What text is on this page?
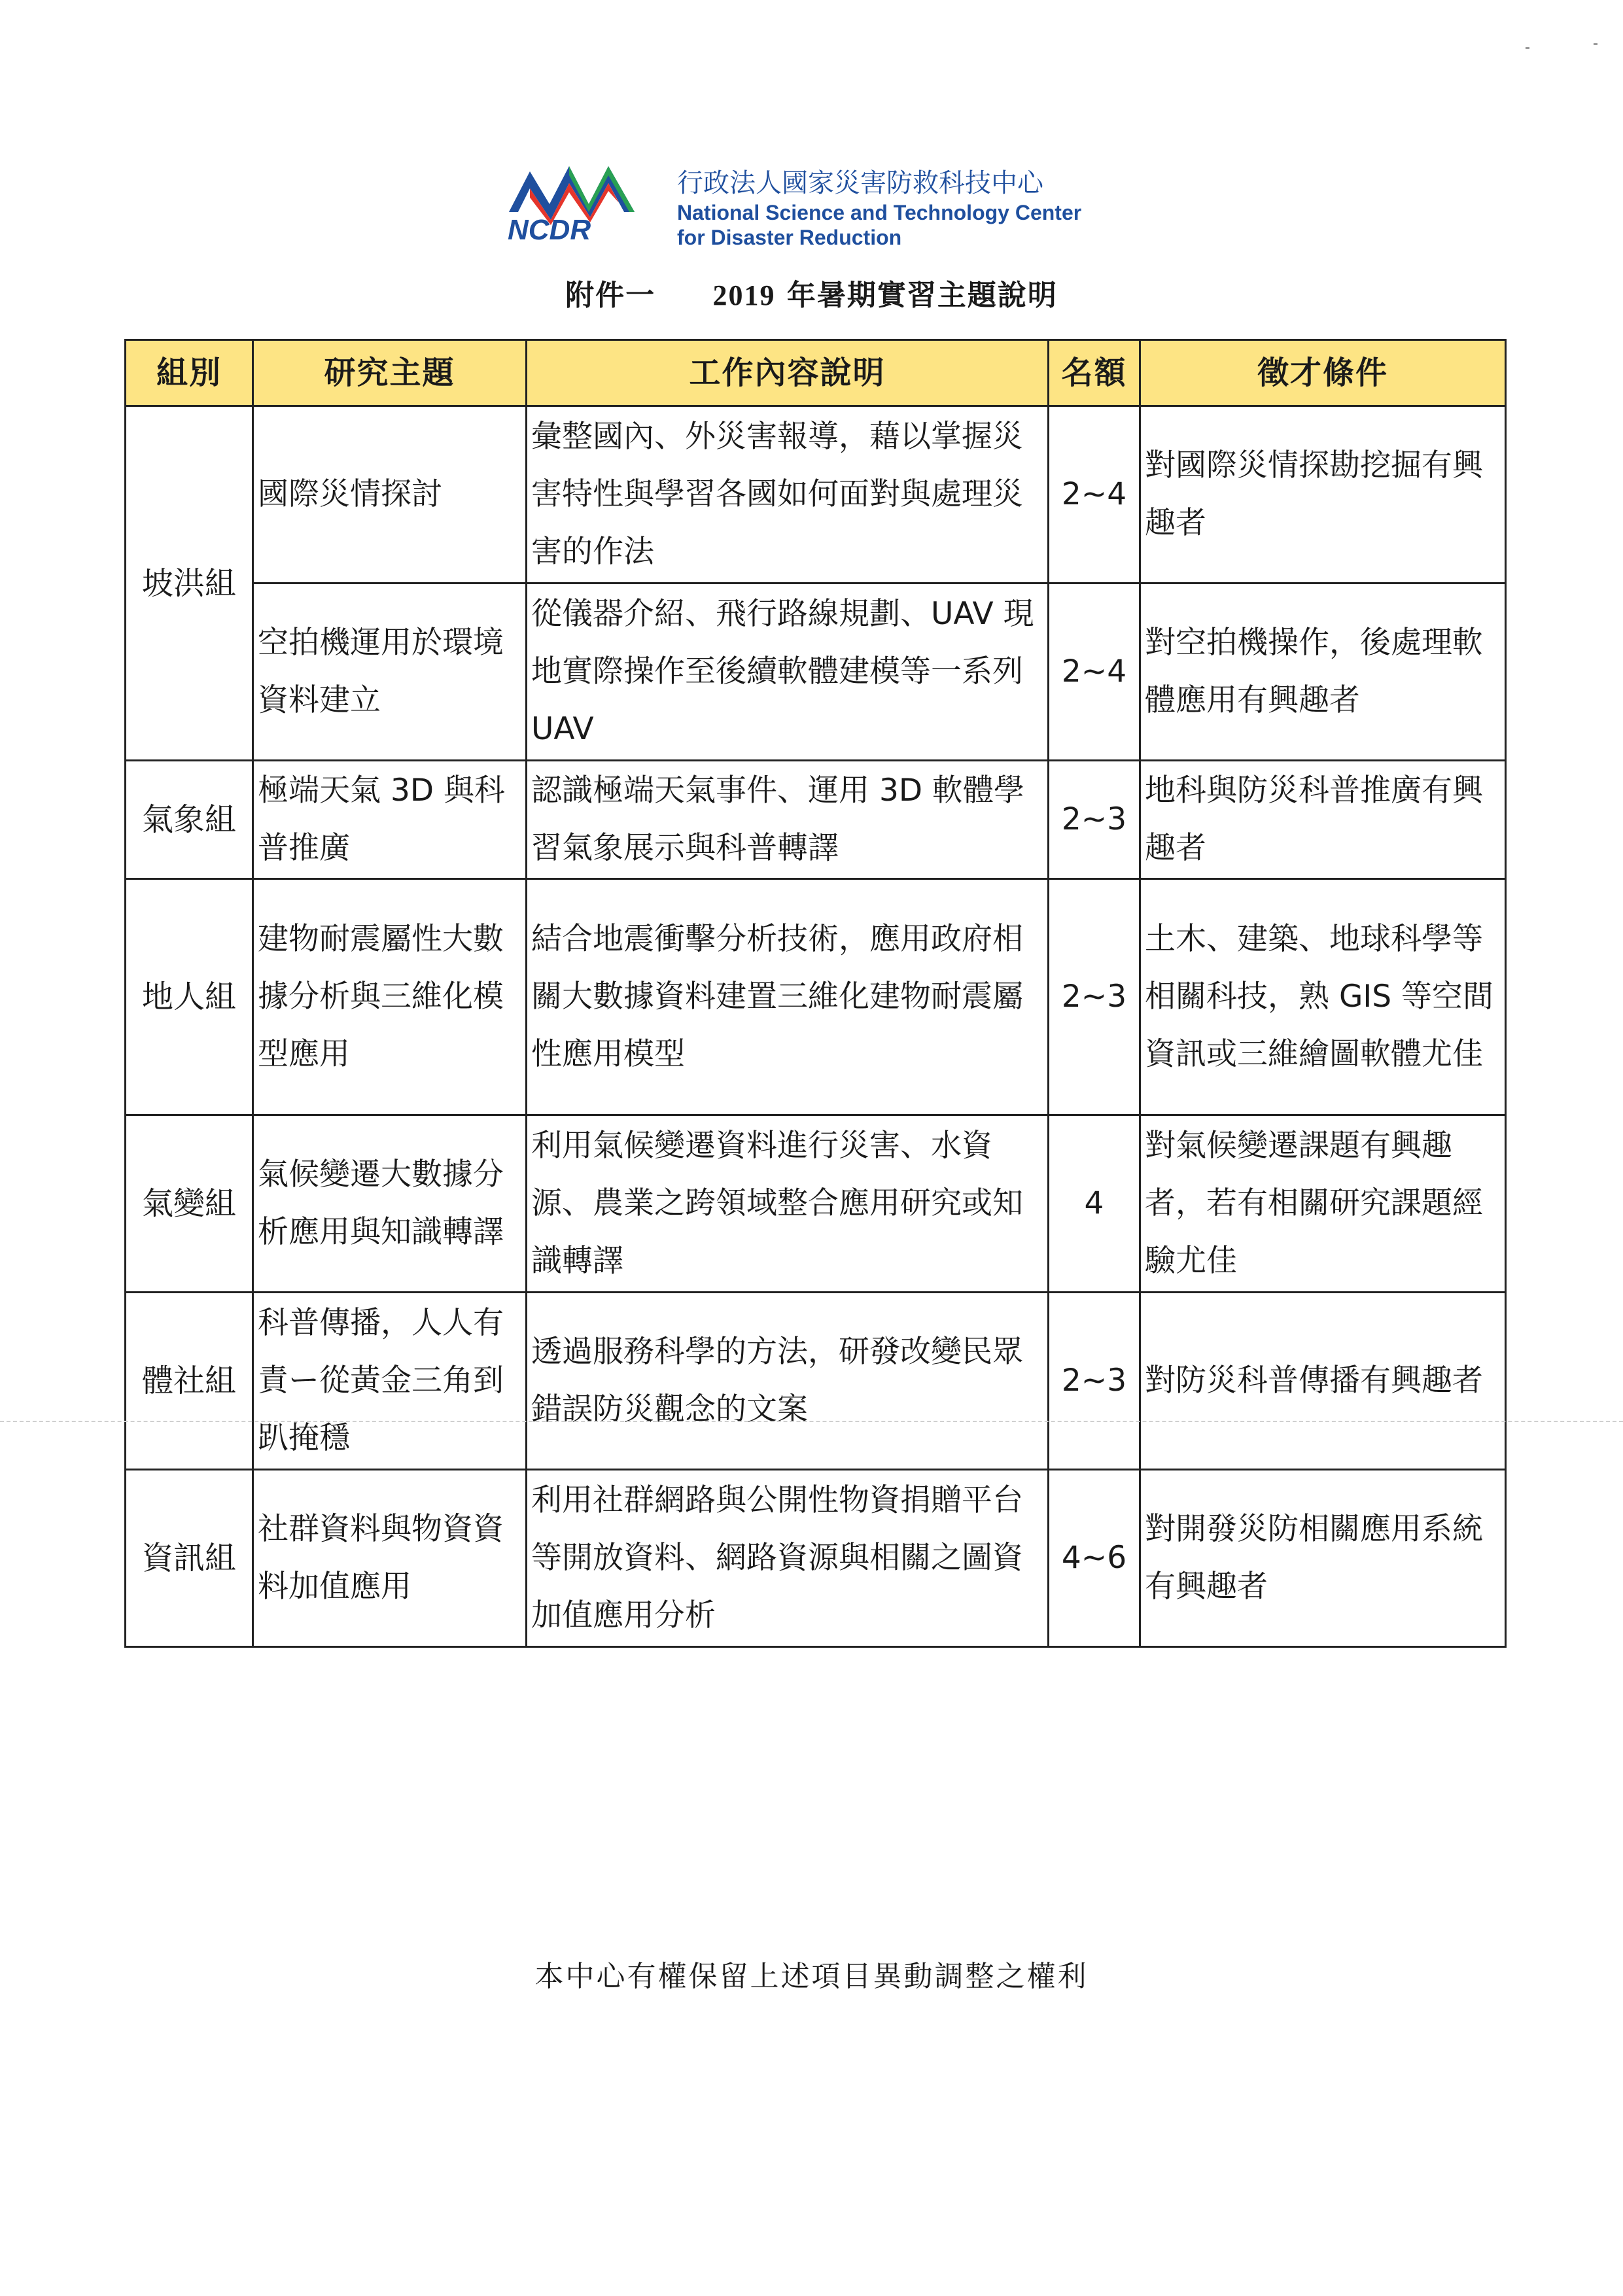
NCDR
行政法人國家災害防救科技中心
National Science and Technology Center
for Disaster Reduction
附件一 2019 年暑期實習主題說明
組別	研究主題	工作內容說明	名額	徵才條件
坡洪組	國際災情探討	彙整國內、外災害報導，藉以掌握災害特性與學習各國如何面對與處理災害的作法	2~4	對國際災情探勘挖掘有興趣者
	空拍機運用於環境資料建立	從儀器介紹、飛行路線規劃、UAV 現地實際操作至後續軟體建模等一系列 UAV	2~4	對空拍機操作，後處理軟體應用有興趣者
氣象組	極端天氣 3D 與科普推廣	認識極端天氣事件、運用 3D 軟體學習氣象展示與科普轉譯	2~3	地科與防災科普推廣有興趣者
地人組	建物耐震屬性大數據分析與三維化模型應用	結合地震衝擊分析技術，應用政府相關大數據資料建置三維化建物耐震屬性應用模型	2~3	土木、建築、地球科學等相關科技，熟 GIS 等空間資訊或三維繪圖軟體尤佳
氣變組	氣候變遷大數據分析應用與知識轉譯	利用氣候變遷資料進行災害、水資源、農業之跨領域整合應用研究或知識轉譯	4	對氣候變遷課題有興趣者，若有相關研究課題經驗尤佳
體社組	科普傳播，人人有責ー從黃金三角到趴掩穩	透過服務科學的方法，研發改變民眾錯誤防災觀念的文案	2~3	對防災科普傳播有興趣者
資訊組	社群資料與物資資料加值應用	利用社群網路與公開性物資捐贈平台等開放資料、網路資源與相關之圖資加值應用分析	4~6	對開發災防相關應用系統有興趣者
本中心有權保留上述項目異動調整之權利
